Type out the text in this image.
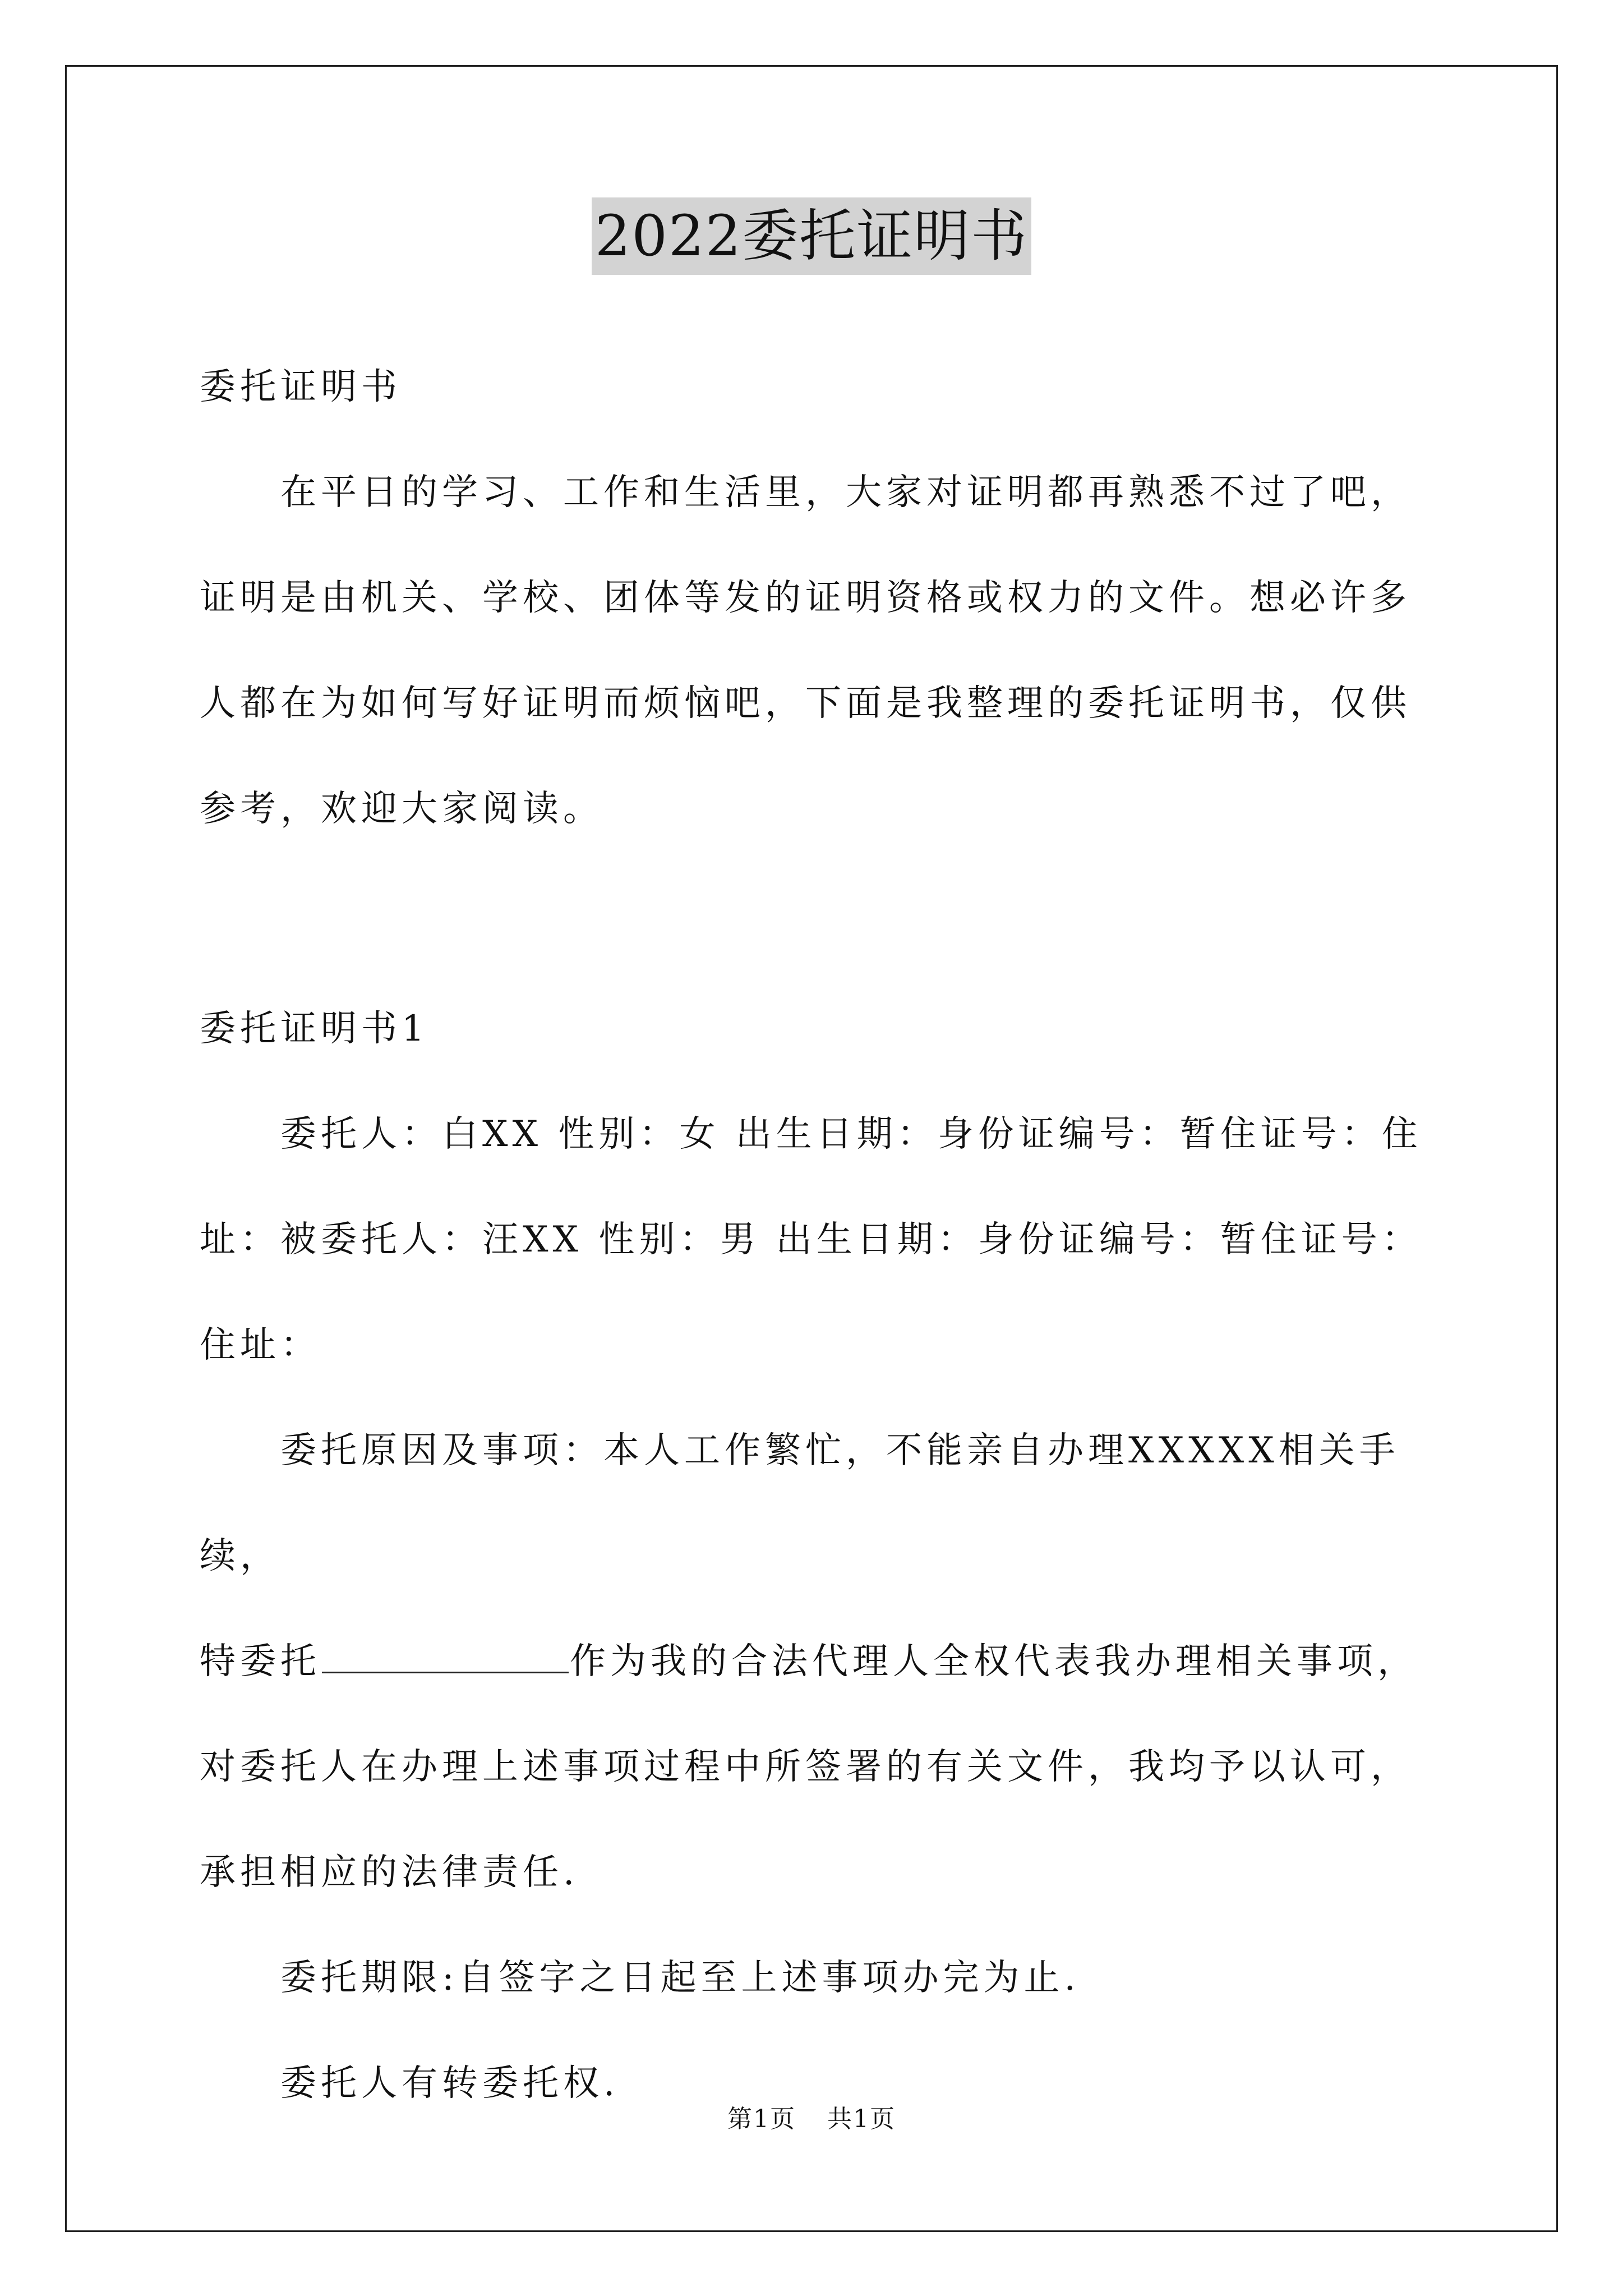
2022委托证明书

委托证明书

在平日的学习、工作和生活里，大家对证明都再熟悉不过了吧，

证明是由机关、学校、团体等发的证明资格或权力的文件。想必许多

人都在为如何写好证明而烦恼吧，下面是我整理的委托证明书，仅供

参考，欢迎大家阅读。

委托证明书1

委托人：白XX 性别：女 出生日期：身份证编号：暂住证号：住

址：被委托人：汪XX 性别：男 出生日期：身份证编号：暂住证号：

住址：

委托原因及事项：本人工作繁忙，不能亲自办理XXXXX相关手续，

特委托	作为我的合法代理人全权代表我办理相关事项，

对委托人在办理上述事项过程中所签署的有关文件，我均予以认可，

承担相应的法律责任.

委托期限:自签字之日起至上述事项办完为止.

委托人有转委托权.

第1页 共1页
